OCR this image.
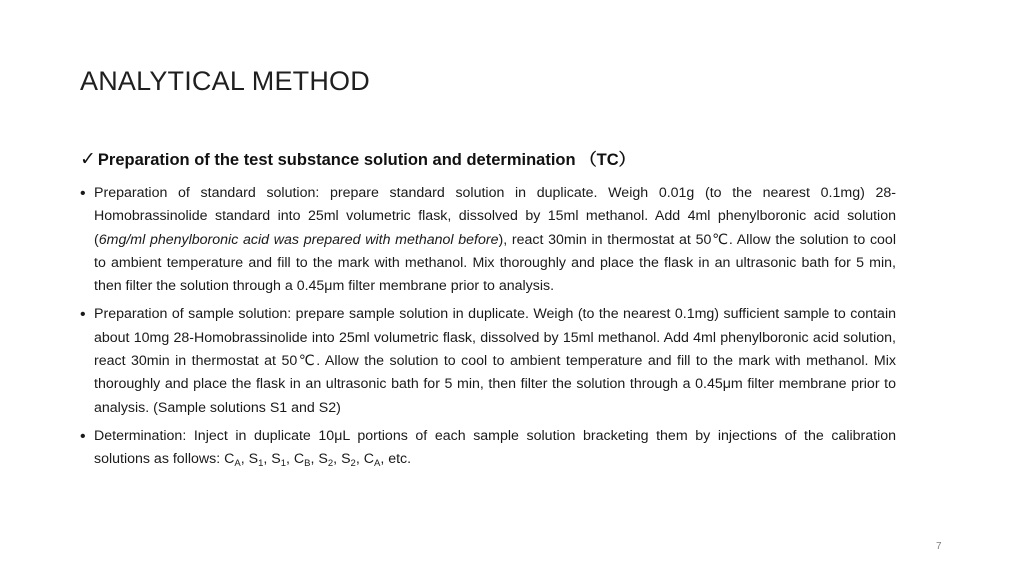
ANALYTICAL METHOD
✓ Preparation of the test substance solution and determination （TC）
• Preparation of standard solution: prepare standard solution in duplicate. Weigh 0.01g (to the nearest 0.1mg) 28-Homobrassinolide standard into 25ml volumetric flask, dissolved by 15ml methanol. Add 4ml phenylboronic acid solution (6mg/ml phenylboronic acid was prepared with methanol before), react 30min in thermostat at 50℃. Allow the solution to cool to ambient temperature and fill to the mark with methanol. Mix thoroughly and place the flask in an ultrasonic bath for 5 min, then filter the solution through a 0.45μm filter membrane prior to analysis.
• Preparation of sample solution: prepare sample solution in duplicate. Weigh (to the nearest 0.1mg) sufficient sample to contain about 10mg 28-Homobrassinolide into 25ml volumetric flask, dissolved by 15ml methanol. Add 4ml phenylboronic acid solution, react 30min in thermostat at 50℃. Allow the solution to cool to ambient temperature and fill to the mark with methanol. Mix thoroughly and place the flask in an ultrasonic bath for 5 min, then filter the solution through a 0.45μm filter membrane prior to analysis. (Sample solutions S1 and S2)
• Determination: Inject in duplicate 10μL portions of each sample solution bracketing them by injections of the calibration solutions as follows: $C_A$, $S_1$, $S_1$, $C_B$, $S_2$, $S_2$, $C_A$, etc.
7
